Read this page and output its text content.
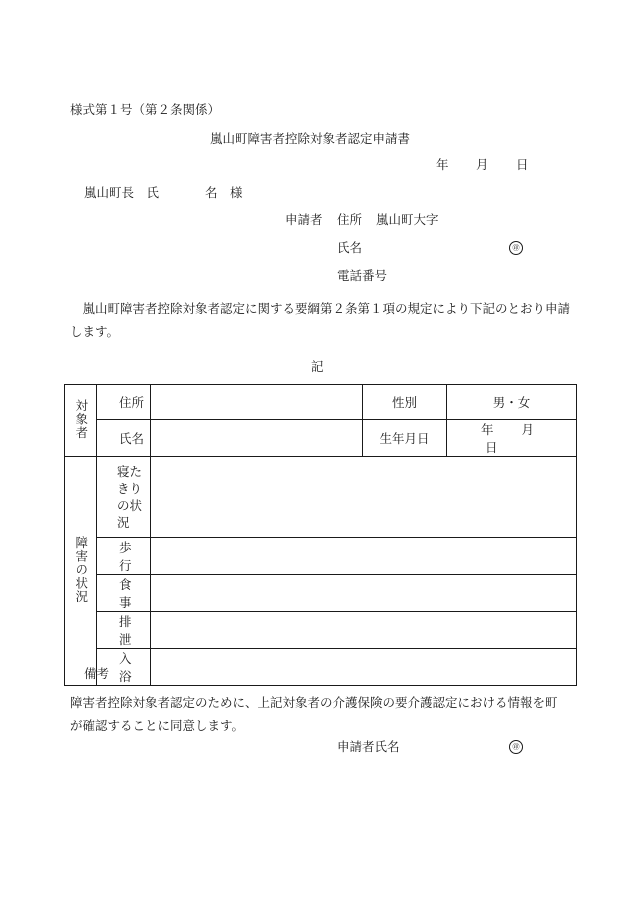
様式第１号（第２条関係）
嵐山町障害者控除対象者認定申請書
年 月 日
嵐山町長　氏	名 様
申請者 住所 嵐山町大字
氏名	㊞
電話番号
　嵐山町障害者控除対象者認定に関する要綱第２条第１項の規定により下記のとおり申請します。
記
対象者	住所		性別	男・女
	氏名		生年月日	年 月日
障害の状況	寝たきりの状況			
	歩　行			
	食　事			
	排　泄			
	入　浴			
備考
障害者控除対象者認定のために、上記対象者の介護保険の要介護認定における情報を町が確認することに同意します。
申請者氏名	㊞
